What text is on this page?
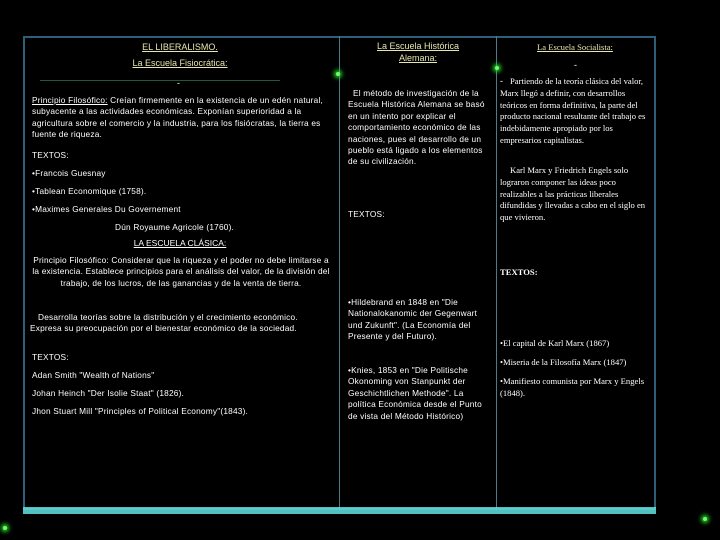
EL LIBERALISMO.
La Escuela Fisiocrática:
-

Principio Filosófico: Creían firmemente en la existencia de un edén natural, subyacente a las actividades económicas. Exponían superioridad a la agricultura sobre el comercio y la industria, para los fisiócratas, la tierra es fuente de riqueza.

TEXTOS:

•Francois Guesnay

•Tablean Economique (1758).

•Maximes Generales Du Governement

Dún Royaume Agricole (1760).

LA ESCUELA CLÁSICA:

Principio Filosófico: Considerar que la riqueza y el poder no debe limitarse a la existencia. Establece principios para el análisis del valor, de la división del trabajo, de los lucros, de las ganancias y de la venta de tierra.

Desarrolla teorías sobre la distribución y el crecimiento económico. Expresa su preocupación por el bienestar económico de la sociedad.

TEXTOS:

Adan Smith "Wealth of Nations"

Johan Heinch "Der Isolie Staat" (1826).

Jhon Stuart Mill "Principles of Political Economy"(1843).

La Escuela Histórica Alemana:

El método de investigación de la Escuela Histórica Alemana se basó en un intento por explicar el comportamiento económico de las naciones, pues el desarrollo de un pueblo está ligado a los elementos de su civilización.

TEXTOS:

•Hildebrand en 1848 en "Die Nationalokanomic der Gegenwart und Zukunft". (La Economía del Presente y del Futuro).

•Knies, 1853 en "Die Politische Okonoming von Stanpunkt der Geschichtlichen Methode". La política Económica desde el Punto de vista del Método Histórico)

La Escuela Socialista:
-
- Partiendo de la teoría clásica del valor, Marx llegó a definir, con desarrollos teóricos en forma definitiva, la parte del producto nacional resultante del trabajo es indebidamente apropiado por los empresarios capitalistas.

Karl Marx y Friedrich Engels solo lograron componer las ideas poco realizables a las prácticas liberales difundidas y llevadas a cabo en el siglo en que vivieron.

TEXTOS:

•El capital de Karl Marx (1867)

•Miseria de la Filosofía Marx (1847)

•Manifiesto comunista por Marx y Engels (1848).
